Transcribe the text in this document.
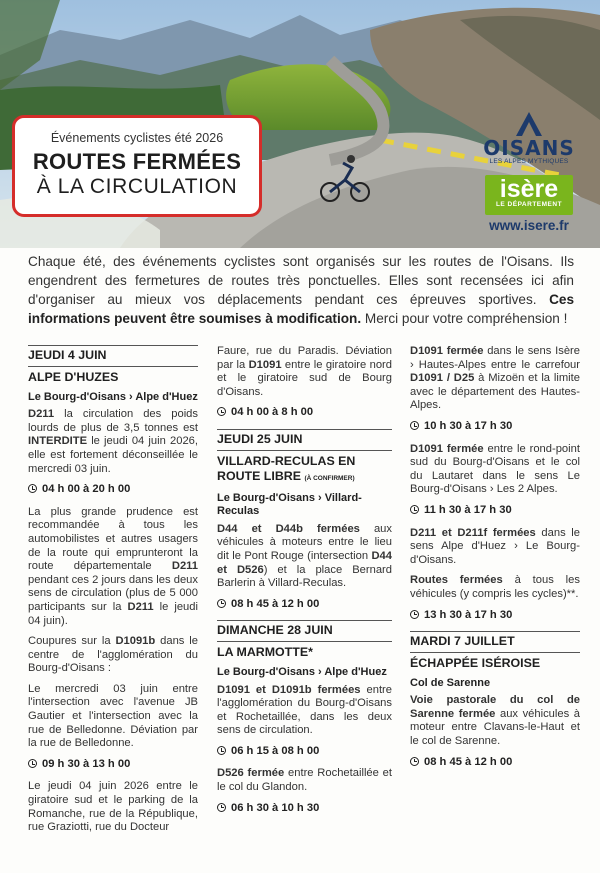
Événements cyclistes été 2026
ROUTES FERMÉES
À LA CIRCULATION
OISANS
LES ALPES MYTHIQUES
isère
LE DÉPARTEMENT
www.isere.fr
Chaque été, des événements cyclistes sont organisés sur les routes de l'Oisans. Ils engendrent des fermetures de routes très ponctuelles. Elles sont recensées ici afin d'organiser au mieux vos déplacements pendant ces épreuves sportives. Ces informations peuvent être soumises à modification. Merci pour votre compréhension !
JEUDI 4 JUIN
ALPE D'HUZES
Le Bourg-d'Oisans › Alpe d'Huez

D211 la circulation des poids lourds de plus de 3,5 tonnes est INTERDITE le jeudi 04 juin 2026, elle est fortement déconseillée le mercredi 03 juin.

04 h 00 à 20 h 00

La plus grande prudence est recommandée à tous les automobilistes et autres usagers de la route qui emprunteront la route départementale D211 pendant ces 2 jours dans les deux sens de circulation (plus de 5 000 participants sur la D211 le jeudi 04 juin).

Coupures sur la D1091b dans le centre de l'agglomération du Bourg-d'Oisans :

Le mercredi 03 juin entre l'intersection avec l'avenue JB Gautier et l'intersection avec la rue de Belledonne. Déviation par la rue de Belledonne.

09 h 30 à 13 h 00

Le jeudi 04 juin 2026 entre le giratoire sud et le parking de la Romanche, rue de la République, rue Graziotti, rue du Docteur

Faure, rue du Paradis. Déviation par la D1091 entre le giratoire nord et le giratoire sud de Bourg d'Oisans.

04 h 00 à 8 h 00
JEUDI 25 JUIN
VILLARD-RECULAS EN ROUTE LIBRE (À CONFIRMER)
Le Bourg-d'Oisans › Villard-Reculas

D44 et D44b fermées aux véhicules à moteurs entre le lieu dit le Pont Rouge (intersection D44 et D526) et la place Bernard Barlerin à Villard-Reculas.

08 h 45 à 12 h 00
DIMANCHE 28 JUIN
LA MARMOTTE*
Le Bourg-d'Oisans › Alpe d'Huez

D1091 et D1091b fermées entre l'agglomération du Bourg-d'Oisans et Rochetaillée, dans les deux sens de circulation.

06 h 15 à 08 h 00

D526 fermée entre Rochetaillée et le col du Glandon.

06 h 30 à 10 h 30

D1091 fermée dans le sens Isère › Hautes-Alpes entre le carrefour D1091 / D25 à Mizoën et la limite avec le département des Hautes-Alpes.

10 h 30 à 17 h 30

D1091 fermée entre le rond-point sud du Bourg-d'Oisans et le col du Lautaret dans le sens Le Bourg-d'Oisans › Les 2 Alpes.

11 h 30 à 17 h 30

D211 et D211f fermées dans le sens Alpe d'Huez › Le Bourg-d'Oisans.

Routes fermées à tous les véhicules (y compris les cycles)**.

13 h 30 à 17 h 30
MARDI 7 JUILLET
ÉCHAPPÉE ISÉROISE
Col de Sarenne

Voie pastorale du col de Sarenne fermée aux véhicules à moteur entre Clavans-le-Haut et le col de Sarenne.

08 h 45 à 12 h 00
